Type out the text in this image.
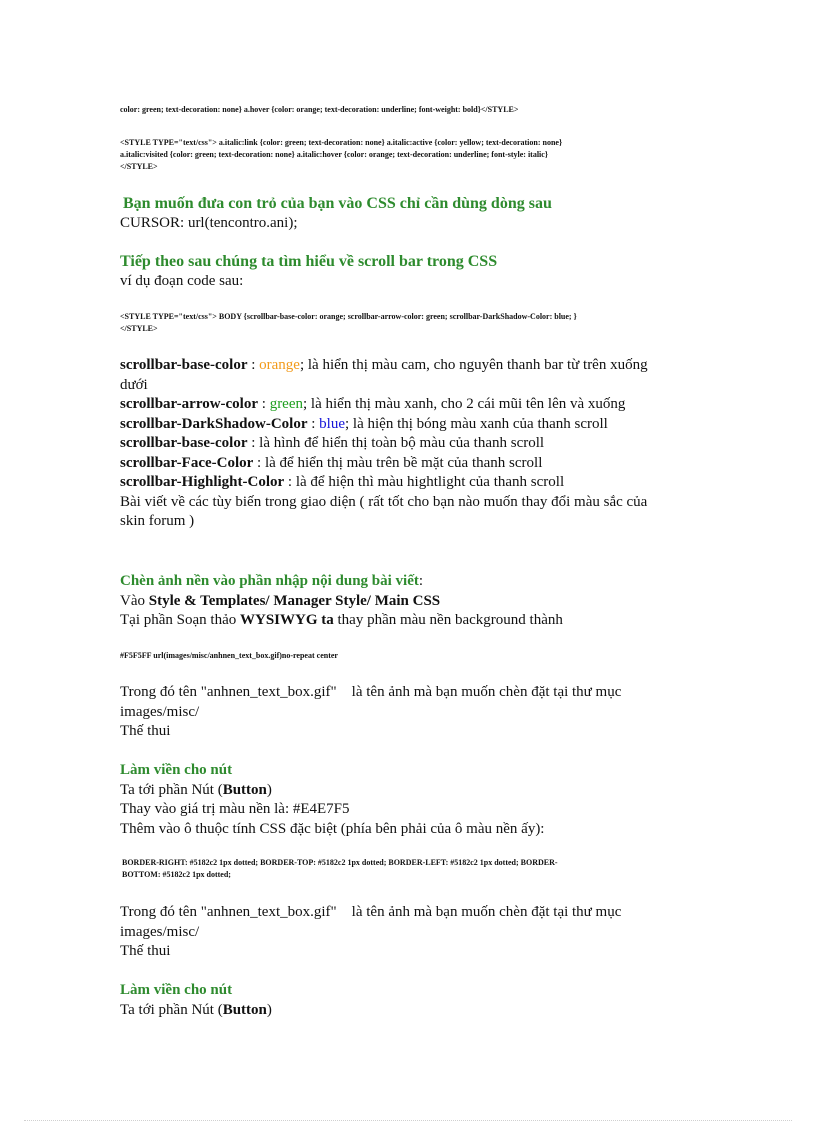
color: green; text-decoration: none} a.hover {color: orange; text-decoration: underline; font-weight: bold}</STYLE>
<STYLE TYPE="text/css"> a.italic:link {color: green; text-decoration: none} a.italic:active {color: yellow; text-decoration: none}
a.italic:visited {color: green; text-decoration: none} a.italic:hover {color: orange; text-decoration: underline; font-style: italic}
</STYLE>
Bạn muốn đưa con trỏ của bạn vào CSS chỉ cần dùng dòng sau
CURSOR: url(tencontro.ani);
Tiếp theo sau chúng ta tìm hiểu về scroll bar trong CSS
ví dụ đoạn code sau:
<STYLE TYPE="text/css"> BODY {scrollbar-base-color: orange; scrollbar-arrow-color: green; scrollbar-DarkShadow-Color: blue; }
</STYLE>
scrollbar-base-color : orange; là hiển thị màu cam, cho nguyên thanh bar từ trên xuống
dưới
scrollbar-arrow-color : green; là hiển thị màu xanh, cho 2 cái mũi tên lên và xuống
scrollbar-DarkShadow-Color : blue; là hiện thị bóng màu xanh của thanh scroll
scrollbar-base-color : là hình để hiển thị toàn bộ màu của thanh scroll
scrollbar-Face-Color : là để hiển thị màu trên bề mặt của thanh scroll
scrollbar-Highlight-Color : là để hiện thì màu hightlight của thanh scroll
Bài viết về các tùy biến trong giao diện ( rất tốt cho bạn nào muốn thay đổi màu sắc của
skin forum )
Chèn ảnh nền vào phần nhập nội dung bài viết:
Vào Style & Templates/ Manager Style/ Main CSS
Tại phần Soạn thảo WYSIWYG ta thay phần màu nền background thành
#F5F5FF url(images/misc/anhnen_text_box.gif)no-repeat center
Trong đó tên "anhnen_text_box.gif"    là tên ảnh mà bạn muốn chèn đặt tại thư mục
images/misc/
Thế thui
Làm viền cho nút
Ta tới phần Nút (Button)
Thay vào giá trị màu nền là: #E4E7F5
Thêm vào ô thuộc tính CSS đặc biệt (phía bên phải của ô màu nền ấy):
BORDER-RIGHT: #5182c2 1px dotted; BORDER-TOP: #5182c2 1px dotted; BORDER-LEFT: #5182c2 1px dotted; BORDER-
BOTTOM: #5182c2 1px dotted;
Trong đó tên "anhnen_text_box.gif"    là tên ảnh mà bạn muốn chèn đặt tại thư mục
images/misc/
Thế thui
Làm viền cho nút
Ta tới phần Nút (Button)
